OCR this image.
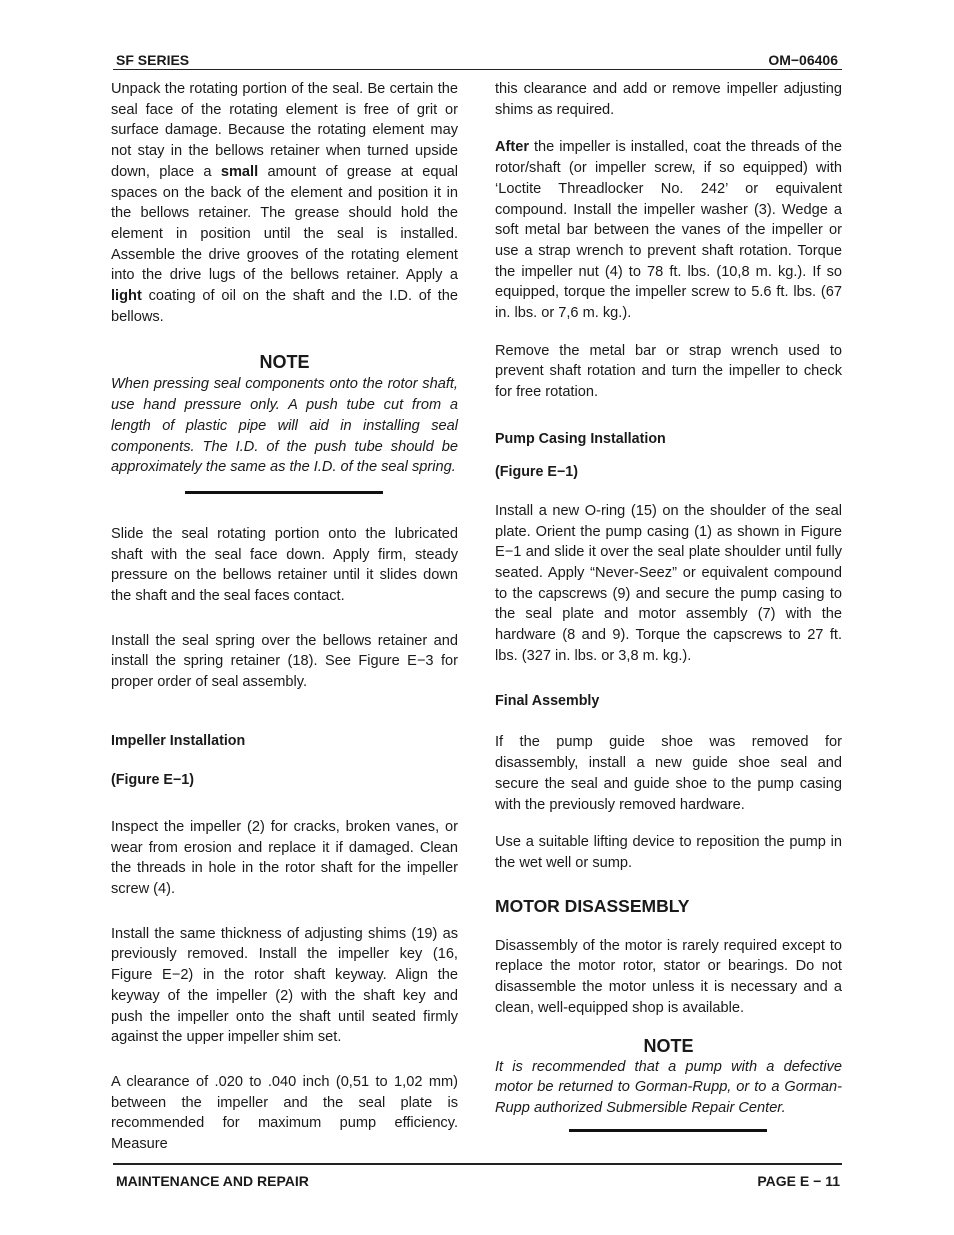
SF SERIES	OM−06406

Unpack the rotating portion of the seal. Be certain the seal face of the rotating element is free of grit or surface damage. Because the rotating element may not stay in the bellows retainer when turned upside down, place a small amount of grease at equal spaces on the back of the element and position it in the bellows retainer. The grease should hold the element in position until the seal is installed. Assemble the drive grooves of the rotating element into the drive lugs of the bellows retainer. Apply a light coating of oil on the shaft and the I.D. of the bellows.

NOTE

When pressing seal components onto the rotor shaft, use hand pressure only. A push tube cut from a length of plastic pipe will aid in installing seal components. The I.D. of the push tube should be approximately the same as the I.D. of the seal spring.

Slide the seal rotating portion onto the lubricated shaft with the seal face down. Apply firm, steady pressure on the bellows retainer until it slides down the shaft and the seal faces contact.

Install the seal spring over the bellows retainer and install the spring retainer (18). See Figure E−3 for proper order of seal assembly.

Impeller Installation

(Figure E−1)

Inspect the impeller (2) for cracks, broken vanes, or wear from erosion and replace it if damaged. Clean the threads in hole in the rotor shaft for the impeller screw (4).

Install the same thickness of adjusting shims (19) as previously removed. Install the impeller key (16, Figure E−2) in the rotor shaft keyway. Align the keyway of the impeller (2) with the shaft key and push the impeller onto the shaft until seated firmly against the upper impeller shim set.

A clearance of .020 to .040 inch (0,51 to 1,02 mm) between the impeller and the seal plate is recommended for maximum pump efficiency. Measure

this clearance and add or remove impeller adjusting shims as required.

After the impeller is installed, coat the threads of the rotor/shaft (or impeller screw, if so equipped) with ‘Loctite Threadlocker No. 242’ or equivalent compound. Install the impeller washer (3). Wedge a soft metal bar between the vanes of the impeller or use a strap wrench to prevent shaft rotation. Torque the impeller nut (4) to 78 ft. lbs. (10,8 m. kg.). If so equipped, torque the impeller screw to 5.6 ft. lbs. (67 in. lbs. or 7,6 m. kg.).

Remove the metal bar or strap wrench used to prevent shaft rotation and turn the impeller to check for free rotation.

Pump Casing Installation

(Figure E−1)

Install a new O-ring (15) on the shoulder of the seal plate. Orient the pump casing (1) as shown in Figure E−1 and slide it over the seal plate shoulder until fully seated. Apply “Never-Seez” or equivalent compound to the capscrews (9) and secure the pump casing to the seal plate and motor assembly (7) with the hardware (8 and 9). Torque the capscrews to 27 ft. lbs. (327 in. lbs. or 3,8 m. kg.).

Final Assembly

If the pump guide shoe was removed for disassembly, install a new guide shoe seal and secure the seal and guide shoe to the pump casing with the previously removed hardware.

Use a suitable lifting device to reposition the pump in the wet well or sump.

MOTOR DISASSEMBLY

Disassembly of the motor is rarely required except to replace the motor rotor, stator or bearings. Do not disassemble the motor unless it is necessary and a clean, well-equipped shop is available.

NOTE

It is recommended that a pump with a defective motor be returned to Gorman-Rupp, or to a Gorman-Rupp authorized Submersible Repair Center.

MAINTENANCE AND REPAIR	PAGE E − 11
